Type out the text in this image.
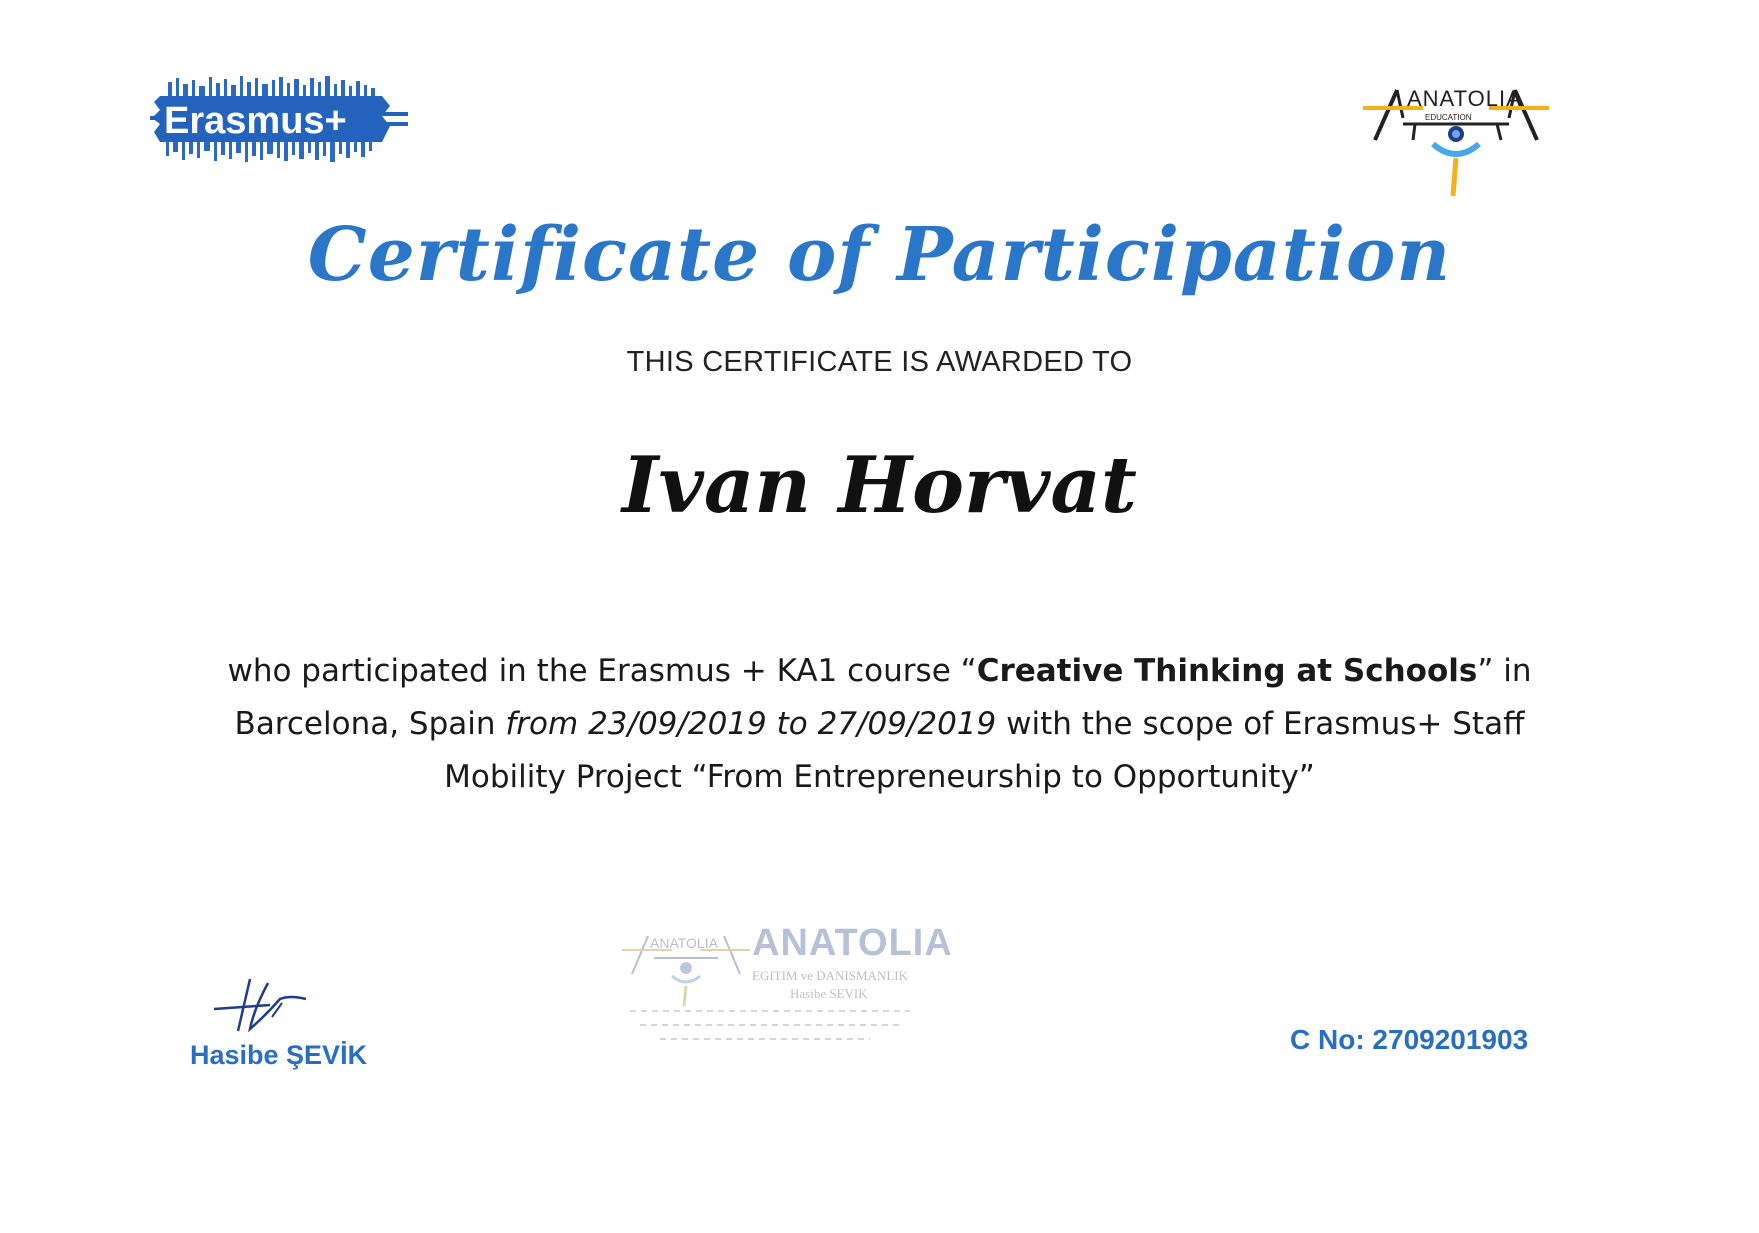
Erasmus+
ANATOLIA
EDUCATION
Certificate of Participation
THIS CERTIFICATE IS AWARDED TO
Ivan Horvat
who participated in the Erasmus + KA1 course “Creative Thinking at Schools” in
Barcelona, Spain from 23/09/2019 to 27/09/2019 with the scope of Erasmus+ Staff
Mobility Project “From Entrepreneurship to Opportunity”
ANATOLIA ANATOLIA
EGITIM ve DANISMANLIK
Hasibe SEVIK
Hasibe ŞEVİK	C No: 2709201903
